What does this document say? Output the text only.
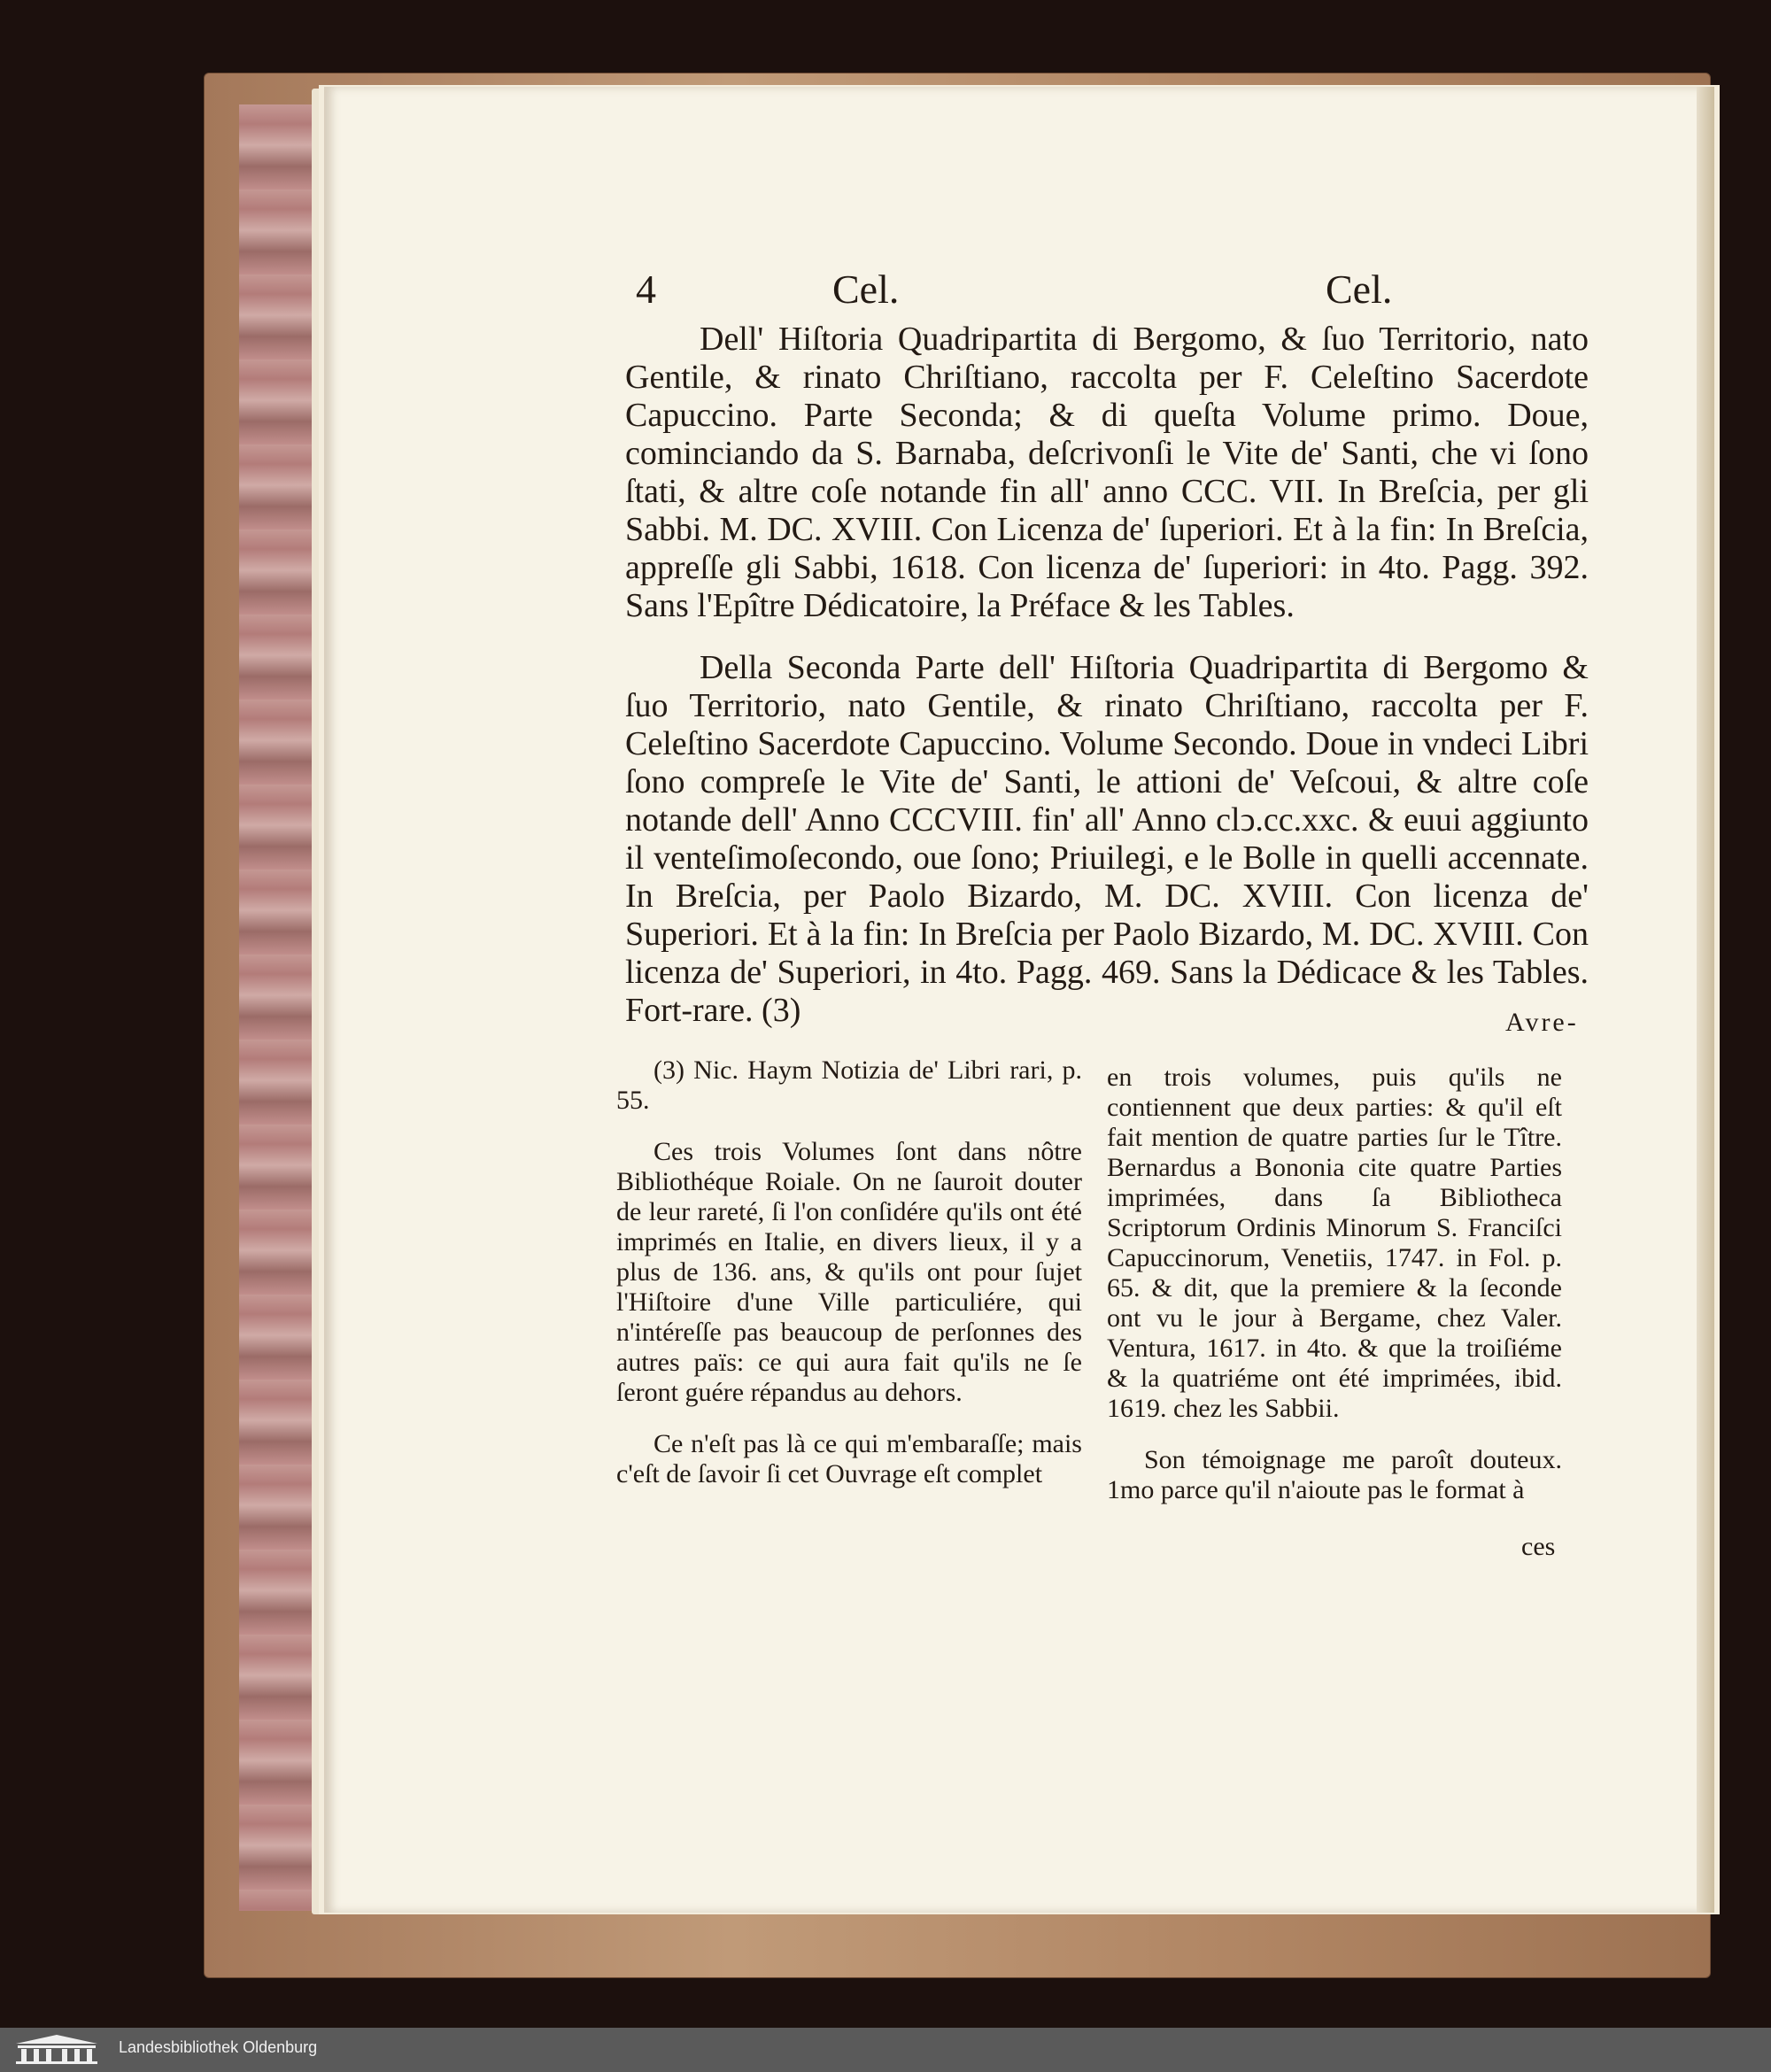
4	Cel.	Cel.

Dell' Hiſtoria Quadripartita di Bergomo, & ſuo Territorio, nato Gentile, & rinato Chriſtiano, raccolta per F. Celeſtino Sacerdote Capuccino. Parte Seconda; & di queſta Volume primo. Doue, cominciando da S. Barnaba, deſcrivonſi le Vite de' Santi, che vi ſono ſtati, & altre coſe notande fin all' anno CCC. VII. In Breſcia, per gli Sabbi. M. DC. XVIII. Con Licenza de' ſuperiori. Et à la fin: In Breſcia, appreſſe gli Sabbi, 1618. Con licenza de' ſuperiori: in 4to. Pagg. 392. Sans l'Epître Dédicatoire, la Préface & les Tables.

Della Seconda Parte dell' Hiſtoria Quadripartita di Bergomo & ſuo Territorio, nato Gentile, & rinato Chriſtiano, raccolta per F. Celeſtino Sacerdote Capuccino. Volume Secondo. Doue in vndeci Libri ſono compreſe le Vite de' Santi, le attioni de' Veſcoui, & altre coſe notande dell' Anno CCCVIII. fin' all' Anno clↄ.cc.xxc. & euui aggiunto il venteſimoſecondo, oue ſono; Priuilegi, e le Bolle in quelli accennate. In Breſcia, per Paolo Bizardo, M. DC. XVIII. Con licenza de' Superiori. Et à la fin: In Breſcia per Paolo Bizardo, M. DC. XVIII. Con licenza de' Superiori, in 4to. Pagg. 469. Sans la Dédicace & les Tables. Fort-rare. (3)	Avre-

(3) Nic. Haym Notizia de' Libri rari, p. 55.

Ces trois Volumes ſont dans nôtre Bibliothéque Roiale. On ne ſauroit douter de leur rareté, ſi l'on conſidére qu'ils ont été imprimés en Italie, en divers lieux, il y a plus de 136. ans, & qu'ils ont pour ſujet l'Hiſtoire d'une Ville particuliére, qui n'intéreſſe pas beaucoup de perſonnes des autres païs: ce qui aura fait qu'ils ne ſe ſeront guére répandus au dehors.

Ce n'eſt pas là ce qui m'embaraſſe; mais c'eſt de ſavoir ſi cet Ouvrage eſt complet

en trois volumes, puis qu'ils ne contiennent que deux parties: & qu'il eſt fait mention de quatre parties ſur le Tître. Bernardus a Bononia cite quatre Parties imprimées, dans ſa Bibliotheca Scriptorum Ordinis Minorum S. Franciſci Capuccinorum, Venetiis, 1747. in Fol. p. 65. & dit, que la premiere & la ſeconde ont vu le jour à Bergame, chez Valer. Ventura, 1617. in 4to. & que la troiſiéme & la quatriéme ont été imprimées, ibid. 1619. chez les Sabbii.

Son témoignage me paroît douteux. 1mo parce qu'il n'aioute pas le format à

ces
Landesbibliothek Oldenburg
